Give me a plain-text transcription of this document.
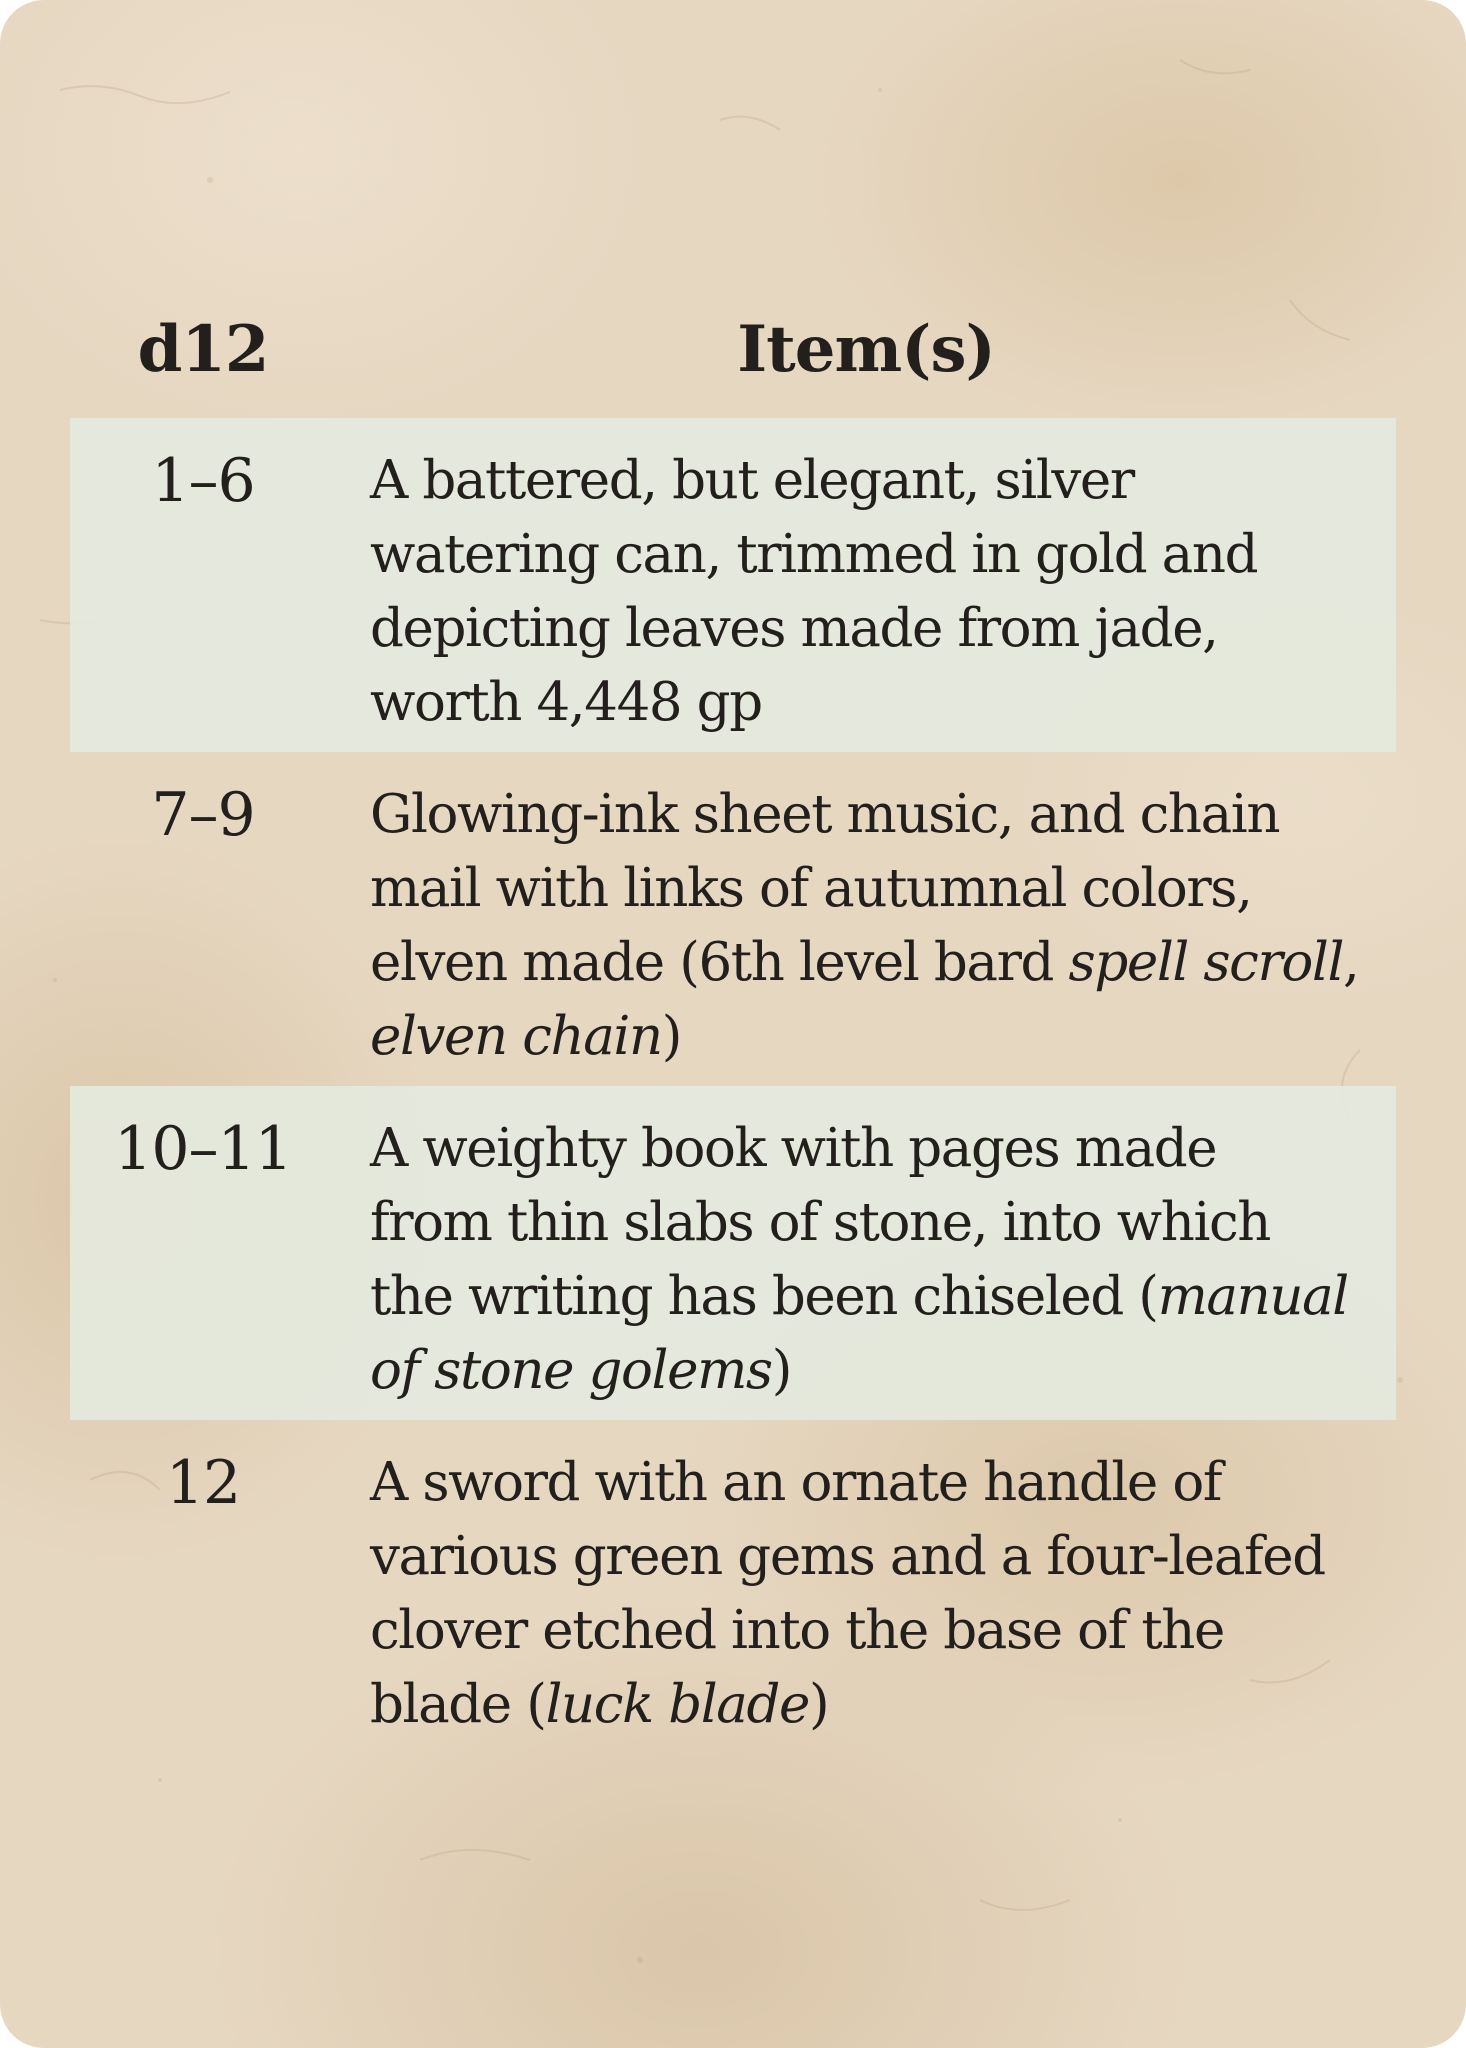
d12	Item(s)
1–6	A battered, but elegant, silver
watering can, trimmed in gold and
depicting leaves made from jade,
worth 4,448 gp
7–9	Glowing-ink sheet music, and chain
mail with links of autumnal colors,
elven made (6th level bard spell scroll,
elven chain)
10–11	A weighty book with pages made
from thin slabs of stone, into which
the writing has been chiseled (manual
of stone golems)
12	A sword with an ornate handle of
various green gems and a four-leafed
clover etched into the base of the
blade (luck blade)
